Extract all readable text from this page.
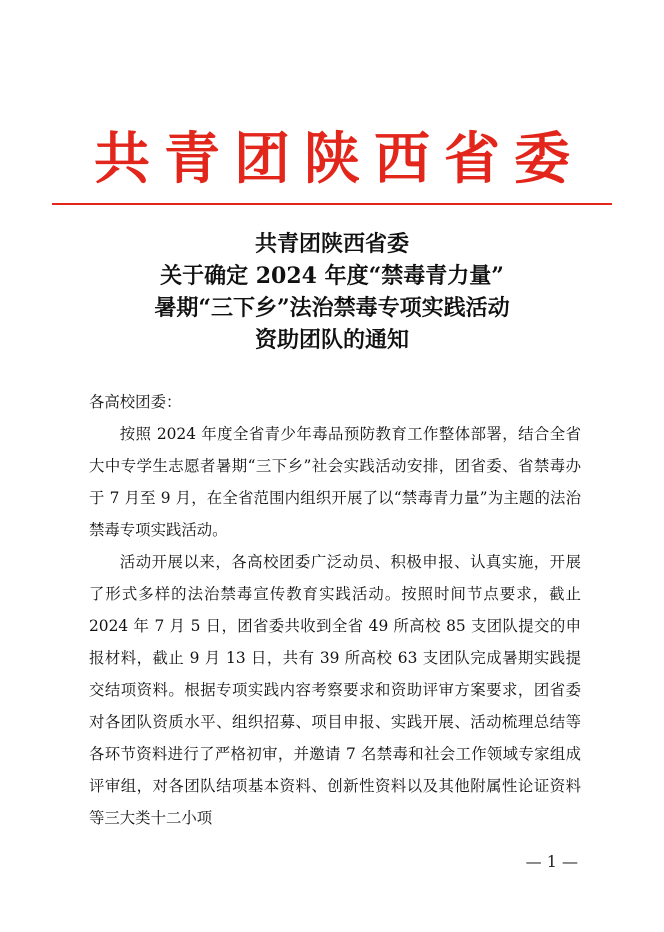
共青团陕西省委
共青团陕西省委
关于确定 2024 年度“禁毒青力量”
暑期“三下乡”法治禁毒专项实践活动
资助团队的通知
各高校团委：

按照 2024 年度全省青少年毒品预防教育工作整体部署，结合全省大中专学生志愿者暑期“三下乡”社会实践活动安排，团省委、省禁毒办于 7 月至 9 月，在全省范围内组织开展了以“禁毒青力量”为主题的法治禁毒专项实践活动。

活动开展以来，各高校团委广泛动员、积极申报、认真实施，开展了形式多样的法治禁毒宣传教育实践活动。按照时间节点要求，截止 2024 年 7 月 5 日，团省委共收到全省 49 所高校 85 支团队提交的申报材料，截止 9 月 13 日，共有 39 所高校 63 支团队完成暑期实践提交结项资料。根据专项实践内容考察要求和资助评审方案要求，团省委对各团队资质水平、组织招募、项目申报、实践开展、活动梳理总结等各环节资料进行了严格初审，并邀请 7 名禁毒和社会工作领域专家组成评审组，对各团队结项基本资料、创新性资料以及其他附属性论证资料等三大类十二小项

— 1 —
